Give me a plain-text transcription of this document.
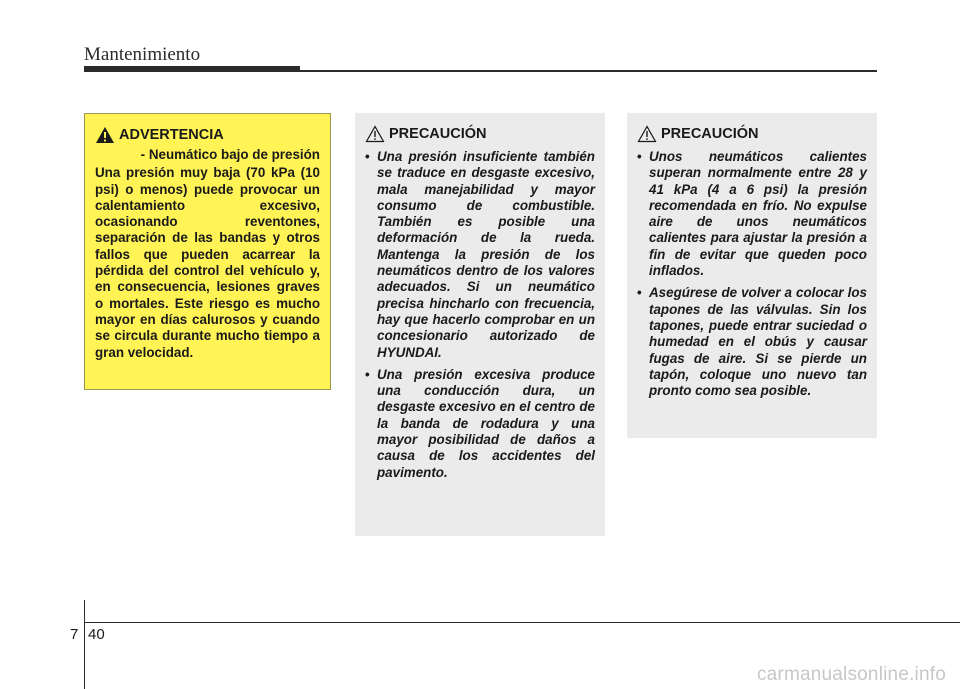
Mantenimiento
ADVERTENCIA
- Neumático bajo de presión
Una presión muy baja (70 kPa (10 psi) o menos) puede provocar un calentamiento excesivo, ocasionando reventones, separación de las bandas y otros fallos que pueden acarrear la pérdida del control del vehículo y, en consecuencia, lesiones graves o mortales. Este riesgo es mucho mayor en días calurosos y cuando se circula durante mucho tiempo a gran velocidad.
PRECAUCIÓN
• Una presión insuficiente también se traduce en desgaste excesivo, mala manejabilidad y mayor consumo de combustible. También es posible una deformación de la rueda. Mantenga la presión de los neumáticos dentro de los valores adecuados. Si un neumático precisa hincharlo con frecuencia, hay que hacerlo comprobar en un concesionario autorizado de HYUNDAI.
• Una presión excesiva produce una conducción dura, un desgaste excesivo en el centro de la banda de rodadura y una mayor posibilidad de daños a causa de los accidentes del pavimento.
PRECAUCIÓN
• Unos neumáticos calientes superan normalmente entre 28 y 41 kPa (4 a 6 psi) la presión recomendada en frío. No expulse aire de unos neumáticos calientes para ajustar la presión a fin de evitar que queden poco inflados.
• Asegúrese de volver a colocar los tapones de las válvulas. Sin los tapones, puede entrar suciedad o humedad en el obús y causar fugas de aire. Si se pierde un tapón, coloque uno nuevo tan pronto como sea posible.
7 40
carmanualsonline.info
